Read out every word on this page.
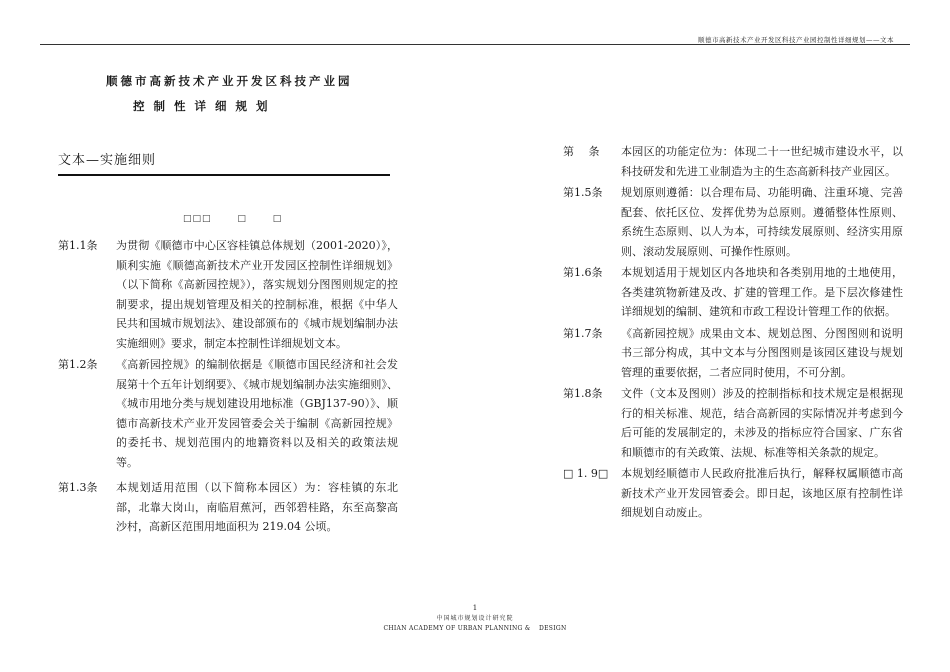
顺德市高新技术产业开发区科技产业园控制性详细规划——文本
顺德市高新技术产业开发区科技产业园
控制性详细规划
文本—实施细则
□□□	□	□
第1.1条	为贯彻《顺德市中心区容桂镇总体规划（2001-2020）》，顺利实施《顺德高新技术产业开发园区控制性详细规划》（以下简称《高新园控规》），落实规划分图图则规定的控制要求，提出规划管理及相关的控制标准，根据《中华人民共和国城市规划法》、建设部颁布的《城市规划编制办法实施细则》要求，制定本控制性详细规划文本。
第1.2条	《高新园控规》的编制依据是《顺德市国民经济和社会发展第十个五年计划纲要》、《城市规划编制办法实施细则》、《城市用地分类与规划建设用地标准（GBJ137-90）》、顺德市高新技术产业开发园管委会关于编制《高新园控规》的委托书、规划范围内的地籍资料以及相关的政策法规等。
第1.3条	本规划适用范围（以下简称本园区）为：容桂镇的东北部，北靠大岗山，南临眉蕉河，西邻碧桂路，东至高黎高沙村，高新区范围用地面积为 219.04 公顷。
第　 条	本园区的功能定位为：体现二十一世纪城市建设水平，以科技研发和先进工业制造为主的生态高新科技产业园区。
第1.5条	规划原则遵循：以合理布局、功能明确、注重环境、完善配套、依托区位、发挥优势为总原则。遵循整体性原则、系统生态原则、以人为本，可持续发展原则、经济实用原则、滚动发展原则、可操作性原则。
第1.6条	本规划适用于规划区内各地块和各类别用地的土地使用，各类建筑物新建及改、扩建的管理工作。是下层次修建性详细规划的编制、建筑和市政工程设计管理工作的依据。
第1.7条	《高新园控规》成果由文本、规划总图、分图图则和说明书三部分构成，其中文本与分图图则是该园区建设与规划管理的重要依据，二者应同时使用，不可分割。
第1.8条	文件（文本及图则）涉及的控制指标和技术规定是根据现行的相关标准、规范，结合高新园的实际情况并考虑到今后可能的发展制定的，未涉及的指标应符合国家、广东省和顺德市的有关政策、法规、标准等相关条款的规定。
□ 1. 9□	本规划经顺德市人民政府批准后执行，解释权属顺德市高新技术产业开发园管委会。即日起，该地区原有控制性详细规划自动废止。
1
中国城市规划设计研究院
CHIAN ACADEMY OF URBAN PLANNING &　 DESIGN
